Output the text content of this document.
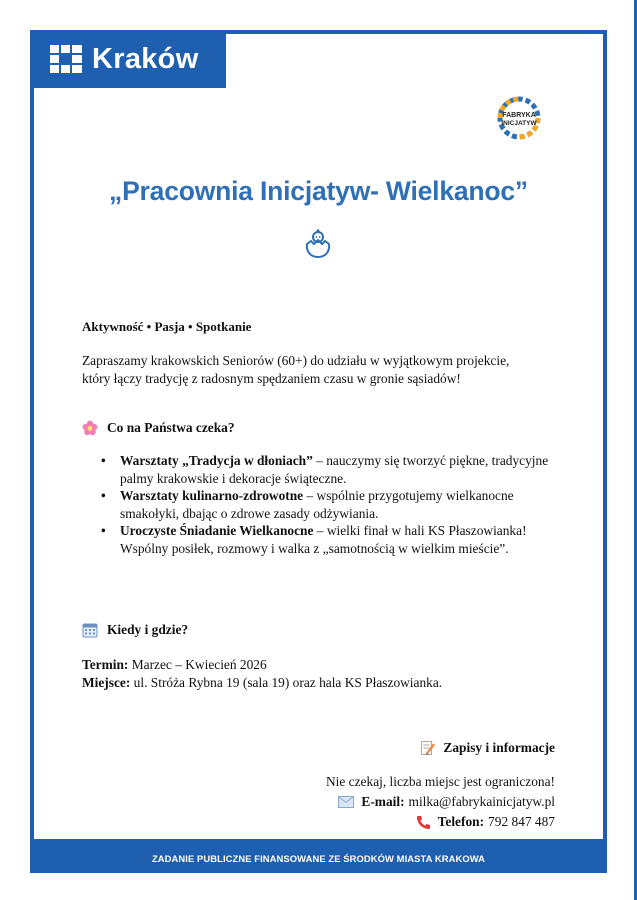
Kraków
FABRYKA
INICJATYW
„Pracownia Inicjatyw- Wielkanoc”
Aktywność • Pasja • Spotkanie

Zapraszamy krakowskich Seniorów (60+) do udziału w wyjątkowym projekcie, który łączy tradycję z radosnym spędzaniem czasu w gronie sąsiadów!

Co na Państwa czeka?
• Warsztaty „Tradycja w dłoniach” – nauczymy się tworzyć piękne, tradycyjne palmy krakowskie i dekoracje świąteczne.
• Warsztaty kulinarno-zdrowotne – wspólnie przygotujemy wielkanocne smakołyki, dbając o zdrowe zasady odżywiania.
• Uroczyste Śniadanie Wielkanocne – wielki finał w hali KS Płaszowianka! Wspólny posiłek, rozmowy i walka z „samotnością w wielkim mieście”.
Kiedy i gdzie?
Termin: Marzec – Kwiecień 2026
Miejsce: ul. Stróża Rybna 19 (sala 19) oraz hala KS Płaszowianka.
Zapisy i informacje
Nie czekaj, liczba miejsc jest ograniczona!
E-mail: milka@fabrykainicjatyw.pl
Telefon: 792 847 487
ZADANIE PUBLICZNE FINANSOWANE ZE ŚRODKÓW MIASTA KRAKOWA
